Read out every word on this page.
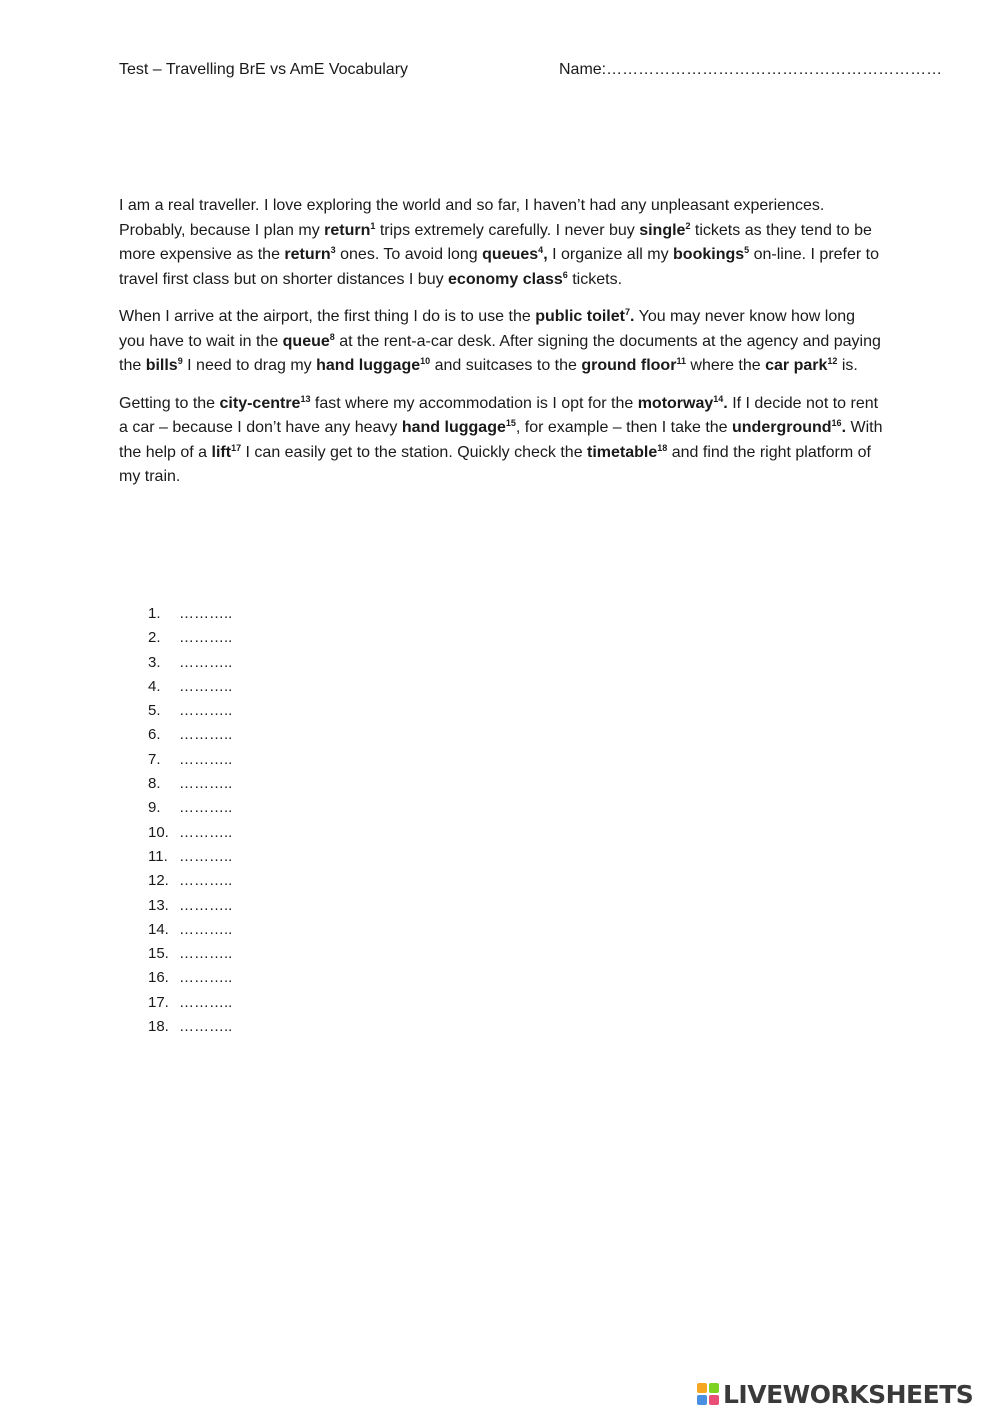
Test – Travelling BrE vs AmE Vocabulary	Name:………………………………………………………

I am a real traveller. I love exploring the world and so far, I haven’t had any unpleasant experiences. Probably, because I plan my return$^1$ trips extremely carefully. I never buy single$^2$ tickets as they tend to be more expensive as the return$^3$ ones. To avoid long queues$^4$, I organize all my bookings$^5$ on-line. I prefer to travel first class but on shorter distances I buy economy class$^6$ tickets.

When I arrive at the airport, the first thing I do is to use the public toilet$^7$. You may never know how long you have to wait in the queue$^8$ at the rent-a-car desk. After signing the documents at the agency and paying the bills$^9$ I need to drag my hand luggage$^{10}$ and suitcases to the ground floor$^{11}$ where the car park$^{12}$ is.

Getting to the city-centre$^{13}$ fast where my accommodation is I opt for the motorway$^{14}$. If I decide not to rent a car – because I don’t have any heavy hand luggage$^{15}$, for example – then I take the underground$^{16}$. With the help of a lift$^{17}$ I can easily get to the station. Quickly check the timetable$^{18}$ and find the right platform of my train.

1.	………..
2.	………..
3.	………..
4.	………..
5.	………..
6.	………..
7.	………..
8.	………..
9.	………..
10. ………..
11. ………..
12. ………..
13. ………..
14. ………..
15. ………..
16. ………..
17. ………..
18. ………..
LIVEWORKSHEETS
